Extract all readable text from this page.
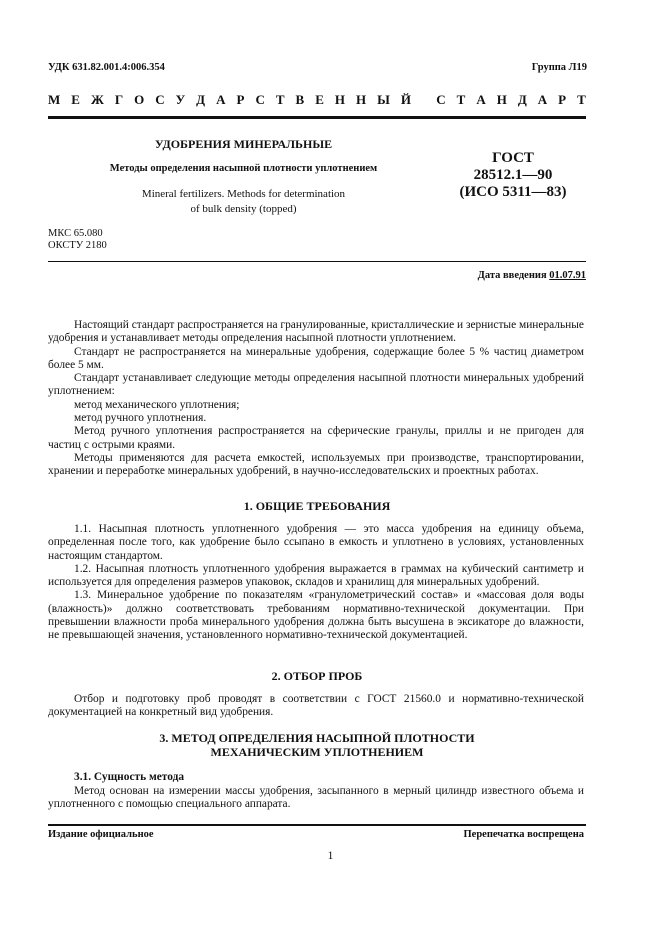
УДК 631.82.001.4:006.354	Группа Л19
М Е Ж Г О С У Д А Р С Т В Е Н Н Ы Й
С Т А Н Д А Р Т
УДОБРЕНИЯ МИНЕРАЛЬНЫЕ
Методы определения насыпной плотности уплотнением
Mineral fertilizers. Methods for determination
of bulk density (topped)
ГОСТ
28512.1—90
(ИСО 5311—83)
МКС 65.080
ОКСТУ 2180
Дата введения 01.07.91

Настоящий стандарт распространяется на гранулированные, кристаллические и зернистые минеральные удобрения и устанавливает методы определения насыпной плотности уплотнением.

Стандарт не распространяется на минеральные удобрения, содержащие более 5 % частиц диаметром более 5 мм.

Стандарт устанавливает следующие методы определения насыпной плотности минеральных удобрений уплотнением:

метод механического уплотнения;

метод ручного уплотнения.

Метод ручного уплотнения распространяется на сферические гранулы, приллы и не пригоден для частиц с острыми краями.

Методы применяются для расчета емкостей, используемых при производстве, транспортировании, хранении и переработке минеральных удобрений, в научно-исследовательских и проектных работах.

1. ОБЩИЕ ТРЕБОВАНИЯ

1.1. Насыпная плотность уплотненного удобрения — это масса удобрения на единицу объема, определенная после того, как удобрение было ссыпано в емкость и уплотнено в условиях, установленных настоящим стандартом.

1.2. Насыпная плотность уплотненного удобрения выражается в граммах на кубический сантиметр и используется для определения размеров упаковок, складов и хранилищ для минеральных удобрений.

1.3. Минеральное удобрение по показателям «гранулометрический состав» и «массовая доля воды (влажность)» должно соответствовать требованиям нормативно-технической документации. При превышении влажности проба минерального удобрения должна быть высушена в эксикаторе до влажности, не превышающей значения, установленного нормативно-технической документацией.

2. ОТБОР ПРОБ

Отбор и подготовку проб проводят в соответствии с ГОСТ 21560.0 и нормативно-технической документацией на конкретный вид удобрения.

3. МЕТОД ОПРЕДЕЛЕНИЯ НАСЫПНОЙ ПЛОТНОСТИ
МЕХАНИЧЕСКИМ УПЛОТНЕНИЕМ
3.1. Сущность метода

Метод основан на измерении массы удобрения, засыпанного в мерный цилиндр известного объема и уплотненного с помощью специального аппарата.

Издание официальное	Перепечатка воспрещена
1
